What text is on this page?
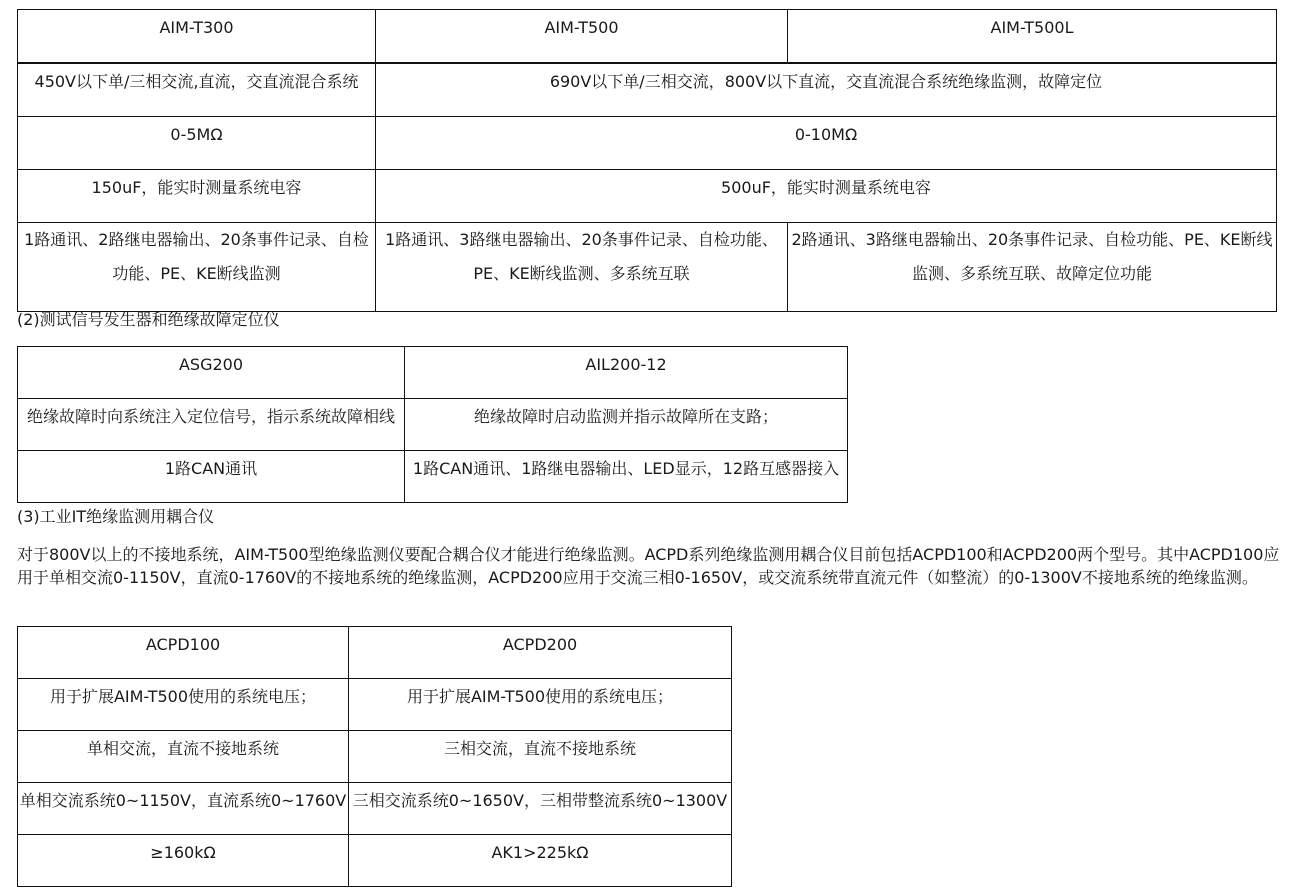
AIM-T300	AIM-T500	AIM-T500L
450V以下单/三相交流,直流，交直流混合系统	690V以下单/三相交流，800V以下直流，交直流混合系统绝缘监测，故障定位	
0-5MΩ	0-10MΩ	
150uF，能实时测量系统电容	500uF，能实时测量系统电容	
1路通讯、2路继电器输出、20条事件记录、自检功能、PE、KE断线监测	1路通讯、3路继电器输出、20条事件记录、自检功能、PE、KE断线监测、多系统互联	2路通讯、3路继电器输出、20条事件记录、自检功能、PE、KE断线监测、多系统互联、故障定位功能
(2)测试信号发生器和绝缘故障定位仪
ASG200	AIL200-12
绝缘故障时向系统注入定位信号，指示系统故障相线	绝缘故障时启动监测并指示故障所在支路；
1路CAN通讯	1路CAN通讯、1路继电器输出、LED显示，12路互感器接入
(3)工业IT绝缘监测用耦合仪
对于800V以上的不接地系统，AIM-T500型绝缘监测仪要配合耦合仪才能进行绝缘监测。ACPD系列绝缘监测用耦合仪目前包括ACPD100和ACPD200两个型号。其中ACPD100应用于单相交流0-1150V，直流0-1760V的不接地系统的绝缘监测，ACPD200应用于交流三相0-1650V，或交流系统带直流元件（如整流）的0-1300V不接地系统的绝缘监测。
ACPD100	ACPD200
用于扩展AIM-T500使用的系统电压；	用于扩展AIM-T500使用的系统电压；
单相交流，直流不接地系统	三相交流，直流不接地系统
单相交流系统0~1150V，直流系统0~1760V	三相交流系统0~1650V，三相带整流系统0~1300V
≥160kΩ	AK1>225kΩ
